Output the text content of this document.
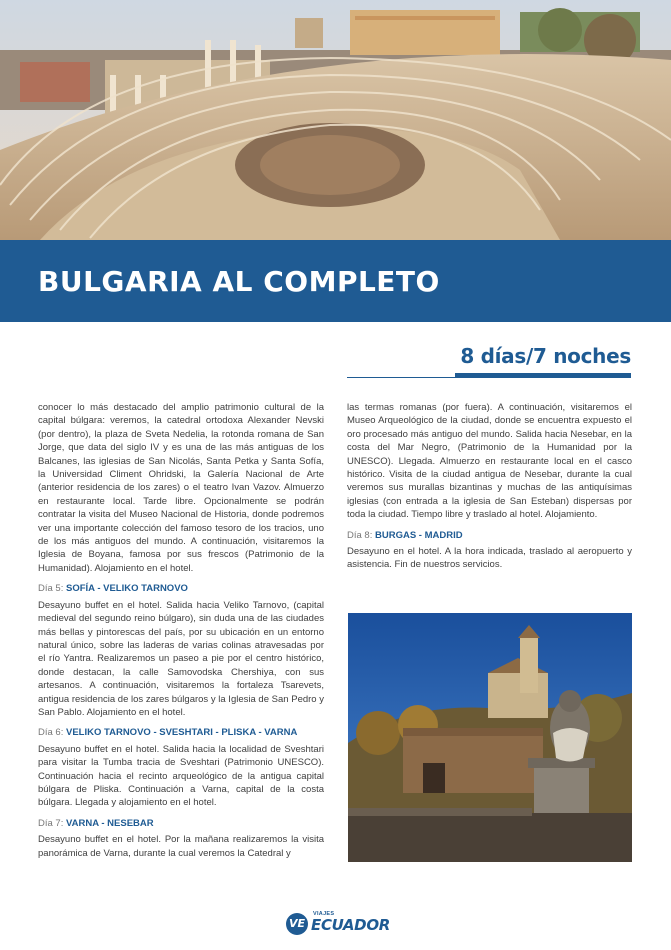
BULGARIA AL COMPLETO
8 días/7 noches

conocer lo más destacado del amplio patrimonio cultural de la capital búlgara: veremos, la catedral ortodoxa Alexander Nevski (por dentro), la plaza de Sveta Nedelia, la rotonda romana de San Jorge, que data del siglo IV y es una de las más antiguas de los Balcanes, las iglesias de San Nicolás, Santa Petka y Santa Sofía, la Universidad Climent Ohridski, la Galería Nacional de Arte (anterior residencia de los zares) o el teatro Ivan Vazov. Almuerzo en restaurante local. Tarde libre. Opcionalmente se podrán contratar la visita del Museo Nacional de Historia, donde podremos ver una importante colección del famoso tesoro de los tracios, uno de los más antiguos del mundo. A continuación, visitaremos la Iglesia de Boyana, famosa por sus frescos (Patrimonio de la Humanidad). Alojamiento en el hotel.

Día 5: SOFÍA - VELIKO TARNOVO

Desayuno buffet en el hotel. Salida hacia Veliko Tarnovo, (capital medieval del segundo reino búlgaro), sin duda una de las ciudades más bellas y pintorescas del país, por su ubicación en un entorno natural único, sobre las laderas de varias colinas atravesadas por el río Yantra. Realizaremos un paseo a pie por el centro histórico, donde destacan, la calle Samovodska Chershiya, con sus artesanos. A continuación, visitaremos la fortaleza Tsarevets, antigua residencia de los zares búlgaros y la Iglesia de San Pedro y San Pablo. Alojamiento en el hotel.

Día 6: VELIKO TARNOVO - SVESHTARI - PLISKA - VARNA

Desayuno buffet en el hotel. Salida hacia la localidad de Sveshtari para visitar la Tumba tracia de Sveshtari (Patrimonio UNESCO). Continuación hacia el recinto arqueológico de la antigua capital búlgara de Pliska. Continuación a Varna, capital de la costa búlgara. Llegada y alojamiento en el hotel.

Día 7: VARNA - NESEBAR

Desayuno buffet en el hotel. Por la mañana realizaremos la visita panorámica de Varna, durante la cual veremos la Catedral y

las termas romanas (por fuera). A continuación, visitaremos el Museo Arqueológico de la ciudad, donde se encuentra expuesto el oro procesado más antiguo del mundo. Salida hacia Nesebar, en la costa del Mar Negro, (Patrimonio de la Humanidad por la UNESCO). Llegada. Almuerzo en restaurante local en el casco histórico. Visita de la ciudad antigua de Nesebar, durante la cual veremos sus murallas bizantinas y muchas de las antiquísimas iglesias (con entrada a la iglesia de San Esteban) dispersas por toda la ciudad. Tiempo libre y traslado al hotel. Alojamiento.

Día 8: BURGAS - MADRID

Desayuno en el hotel. A la hora indicada, traslado al aeropuerto y asistencia. Fin de nuestros servicios.

VE
VIAJES
ECUADOR
